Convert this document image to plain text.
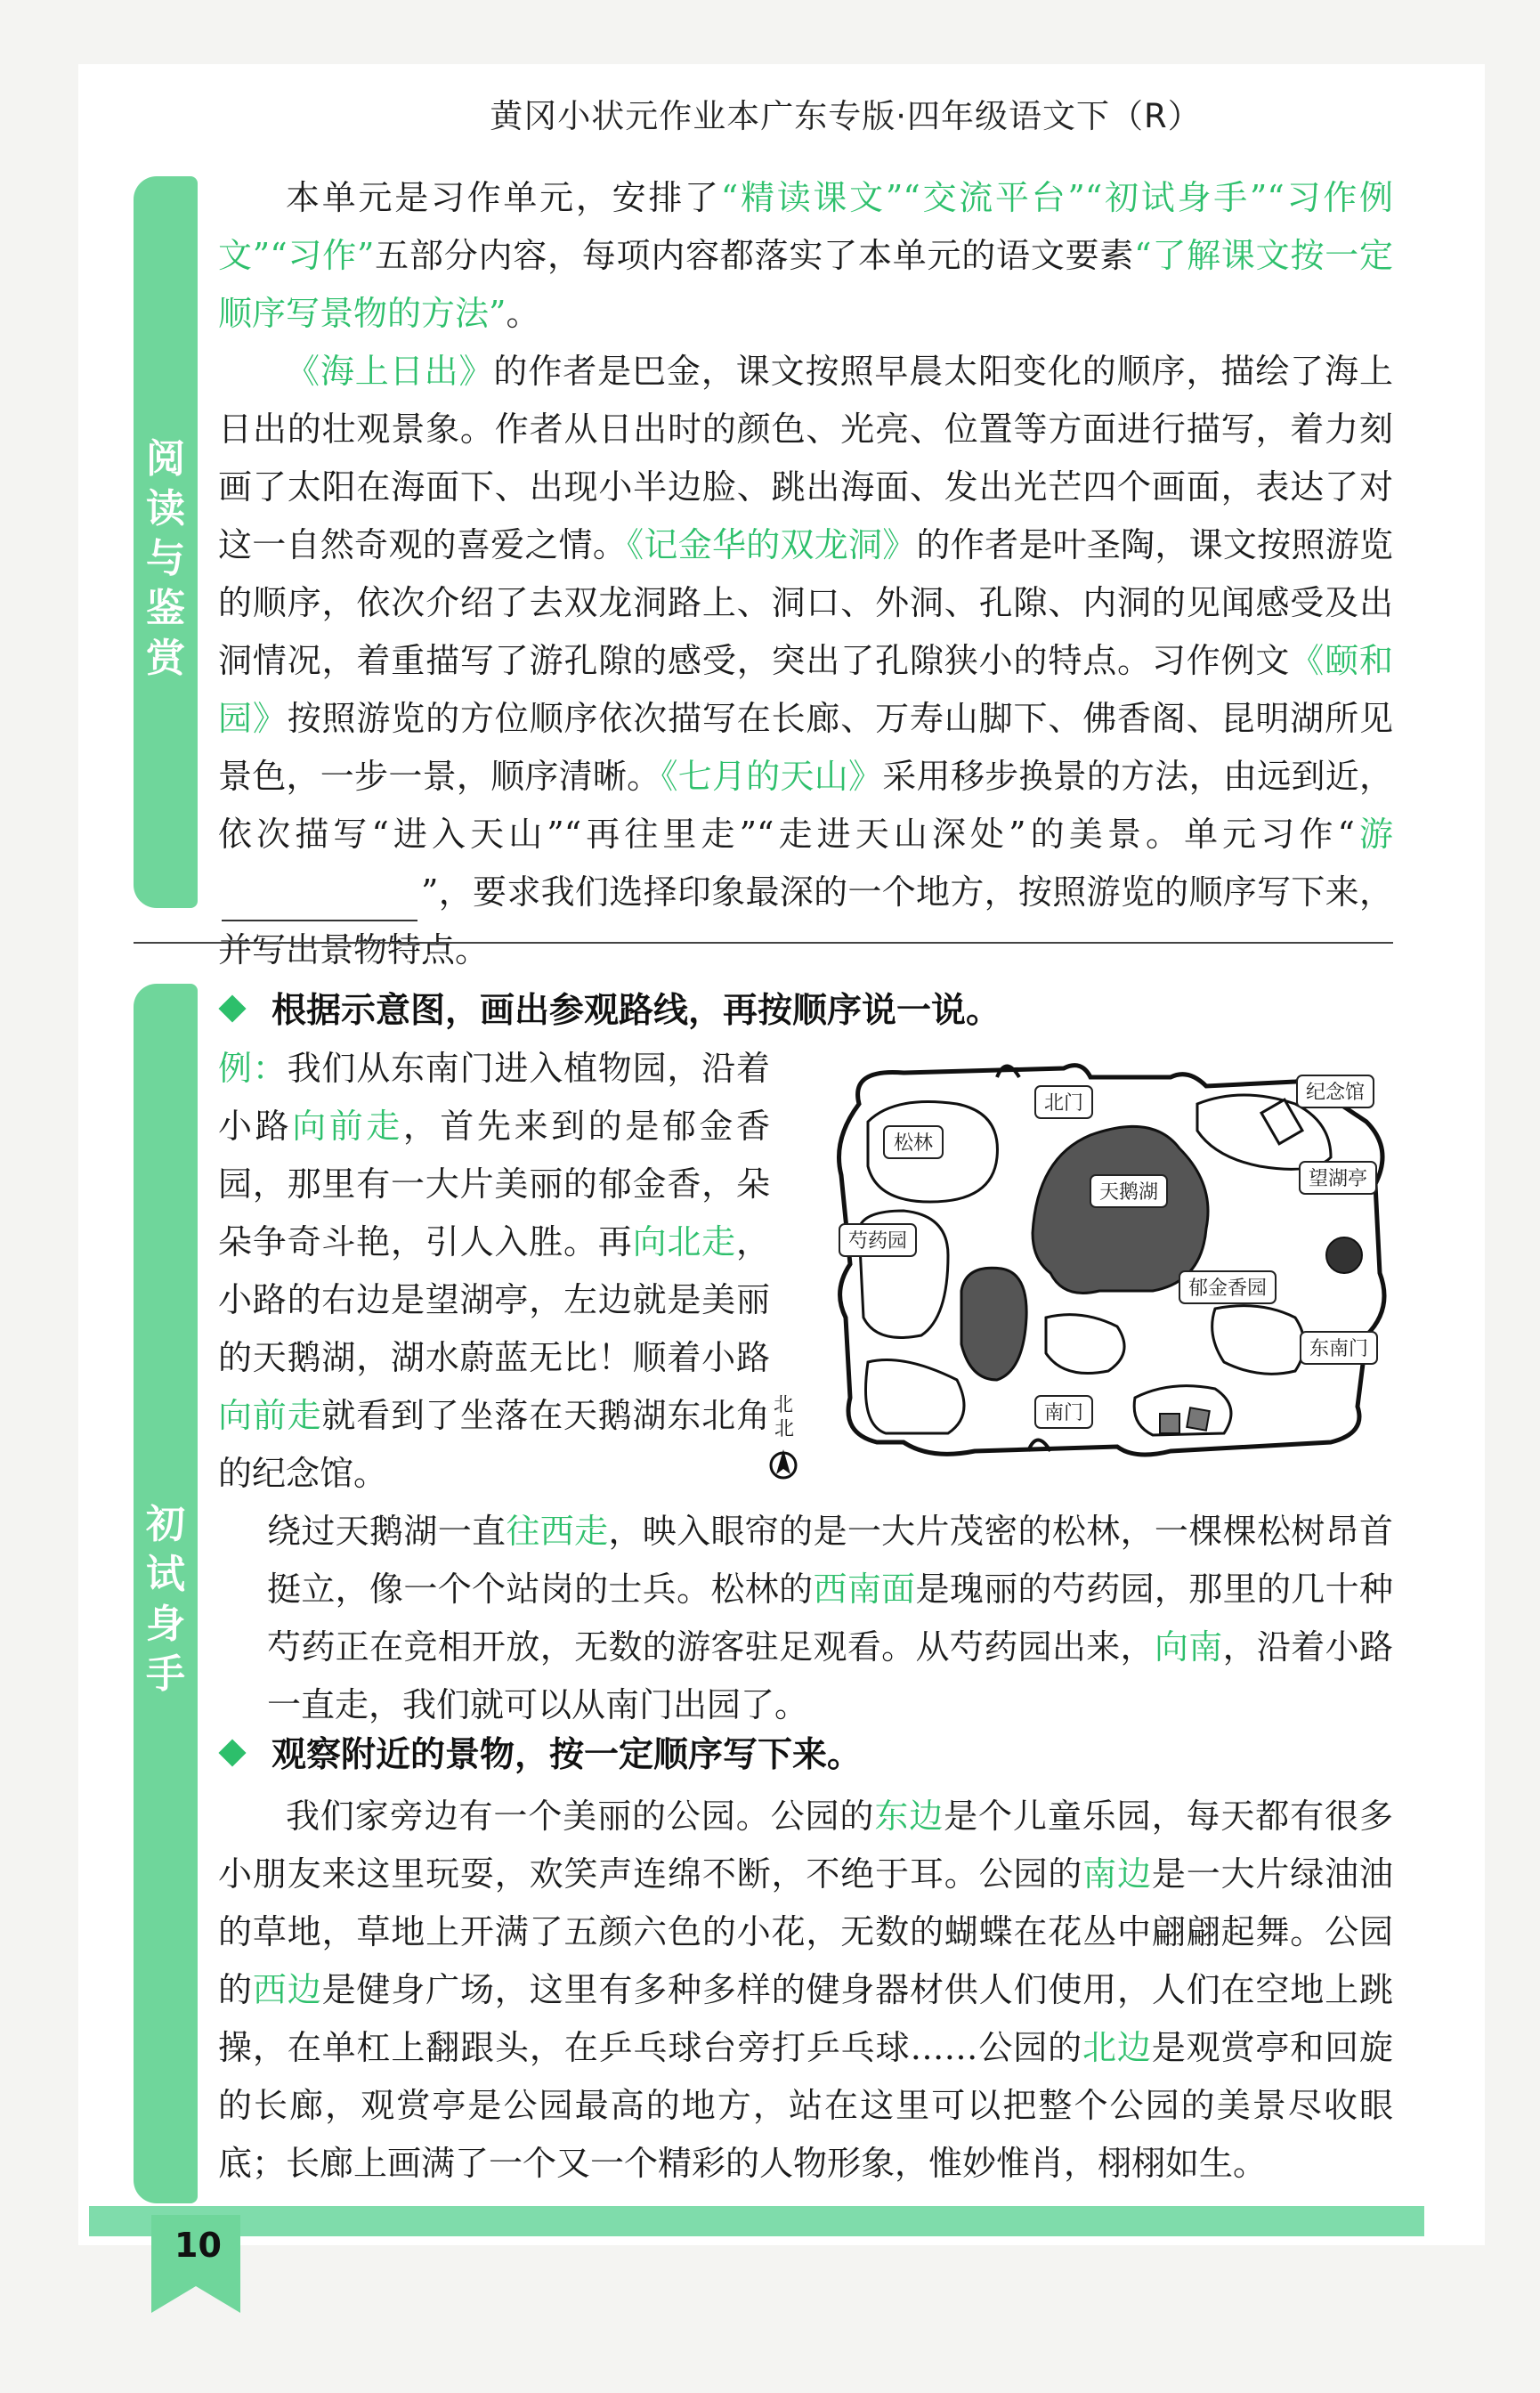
黄冈小状元作业本广东专版·四年级语文下（R）
阅
读
与
鉴
赏

本单元是习作单元，安排了“精读课文”“交流平台”“初试身手”“习作例文”“习作”五部分内容，每项内容都落实了本单元的语文要素“了解课文按一定顺序写景物的方法”。

《海上日出》的作者是巴金，课文按照早晨太阳变化的顺序，描绘了海上日出的壮观景象。作者从日出时的颜色、光亮、位置等方面进行描写，着力刻画了太阳在海面下、出现小半边脸、跳出海面、发出光芒四个画面，表达了对这一自然奇观的喜爱之情。《记金华的双龙洞》的作者是叶圣陶，课文按照游览的顺序，依次介绍了去双龙洞路上、洞口、外洞、孔隙、内洞的见闻感受及出洞情况，着重描写了游孔隙的感受，突出了孔隙狭小的特点。习作例文《颐和园》按照游览的方位顺序依次描写在长廊、万寿山脚下、佛香阁、昆明湖所见景色，一步一景，顺序清晰。《七月的天山》采用移步换景的方法，由远到近，依次描写“进入天山”“再往里走”“走进天山深处”的美景。单元习作“游”，要求我们选择印象最深的一个地方，按照游览的顺序写下来，并写出景物特点。

初
试
身
手
根据示意图，画出参观路线，再按顺序说一说。

例：我们从东南门进入植物园，沿着小路向前走，首先来到的是郁金香园，那里有一大片美丽的郁金香，朵朵争奇斗艳，引人入胜。再向北走，小路的右边是望湖亭，左边就是美丽的天鹅湖，湖水蔚蓝无比！顺着小路向前走就看到了坐落在天鹅湖东北角的纪念馆。

绕过天鹅湖一直往西走，映入眼帘的是一大片茂密的松林，一棵棵松树昂首挺立，像一个个站岗的士兵。松林的西南面是瑰丽的芍药园，那里的几十种芍药正在竞相开放，无数的游客驻足观看。从芍药园出来，向南，沿着小路一直走，我们就可以从南门出园了。

北门	纪念馆
松林
天鹅湖
望湖亭
芍药园
郁金香园
东南门
南门
北
观察附近的景物，按一定顺序写下来。

我们家旁边有一个美丽的公园。公园的东边是个儿童乐园，每天都有很多小朋友来这里玩耍，欢笑声连绵不断，不绝于耳。公园的南边是一大片绿油油的草地，草地上开满了五颜六色的小花，无数的蝴蝶在花丛中翩翩起舞。公园的西边是健身广场，这里有多种多样的健身器材供人们使用，人们在空地上跳操，在单杠上翻跟头，在乒乓球台旁打乒乓球……公园的北边是观赏亭和回旋的长廊，观赏亭是公园最高的地方，站在这里可以把整个公园的美景尽收眼底；长廊上画满了一个又一个精彩的人物形象，惟妙惟肖，栩栩如生。

10
北
